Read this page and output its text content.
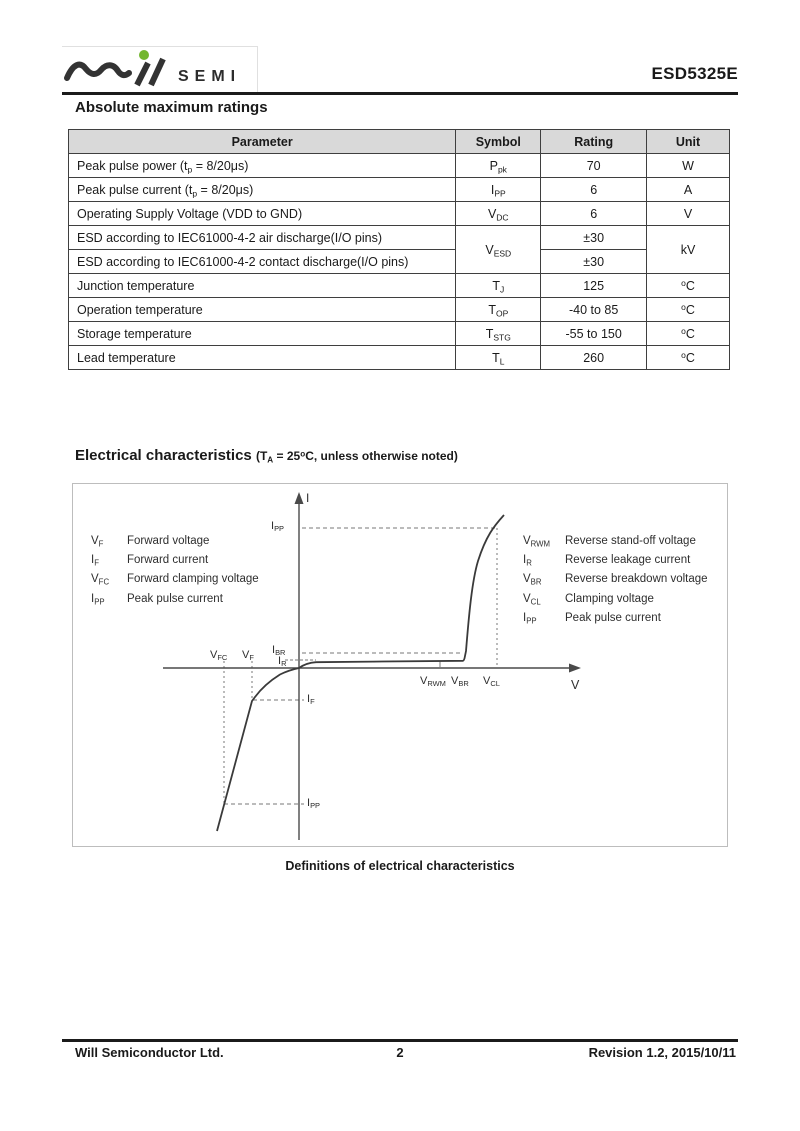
SEMI	ESD5325E
Absolute maximum ratings
Parameter	Symbol	Rating	Unit
Peak pulse power $(t_p = 8/20\mu s)$	$P_{pk}$	70	W
Peak pulse current $(t_p = 8/20\mu s)$	$I_{PP}$	6	A
Operating Supply Voltage (VDD to GND)	$V_{DC}$	6	V
ESD according to IEC61000-4-2 air discharge(I/O pins)	$V_{ESD}$	±30	kV
ESD according to IEC61000-4-2 contact discharge(I/O pins)		±30	
Junction temperature	$T_J$	125	$^o$C
Operation temperature	$T_{OP}$	-40 to 85	$^o$C
Storage temperature	$T_{STG}$	-55 to 150	$^o$C
Lead temperature	$T_L$	260	$^o$C
Electrical characteristics ($T_A = 25^oC$, unless otherwise noted)
I
V
$I_{PP}$
$I_{BR}$
$I_R$
$V_{FC}$ $V_F$
$I_F$
$I_{PP}$
$V_{RWM}$ $V_{BR}$ $V_{CL}$
$V_F$	Forward voltage
$I_F$	Forward current
$V_{FC}$	Forward clamping voltage
$I_{PP}$	Peak pulse current
$V_{RWM}$	Reverse stand-off voltage
$I_R$	Reverse leakage current
$V_{BR}$	Reverse breakdown voltage
$V_{CL}$	Clamping voltage
$I_{PP}$	Peak pulse current
Definitions of electrical characteristics
Will Semiconductor Ltd.	2	Revision 1.2, 2015/10/11
